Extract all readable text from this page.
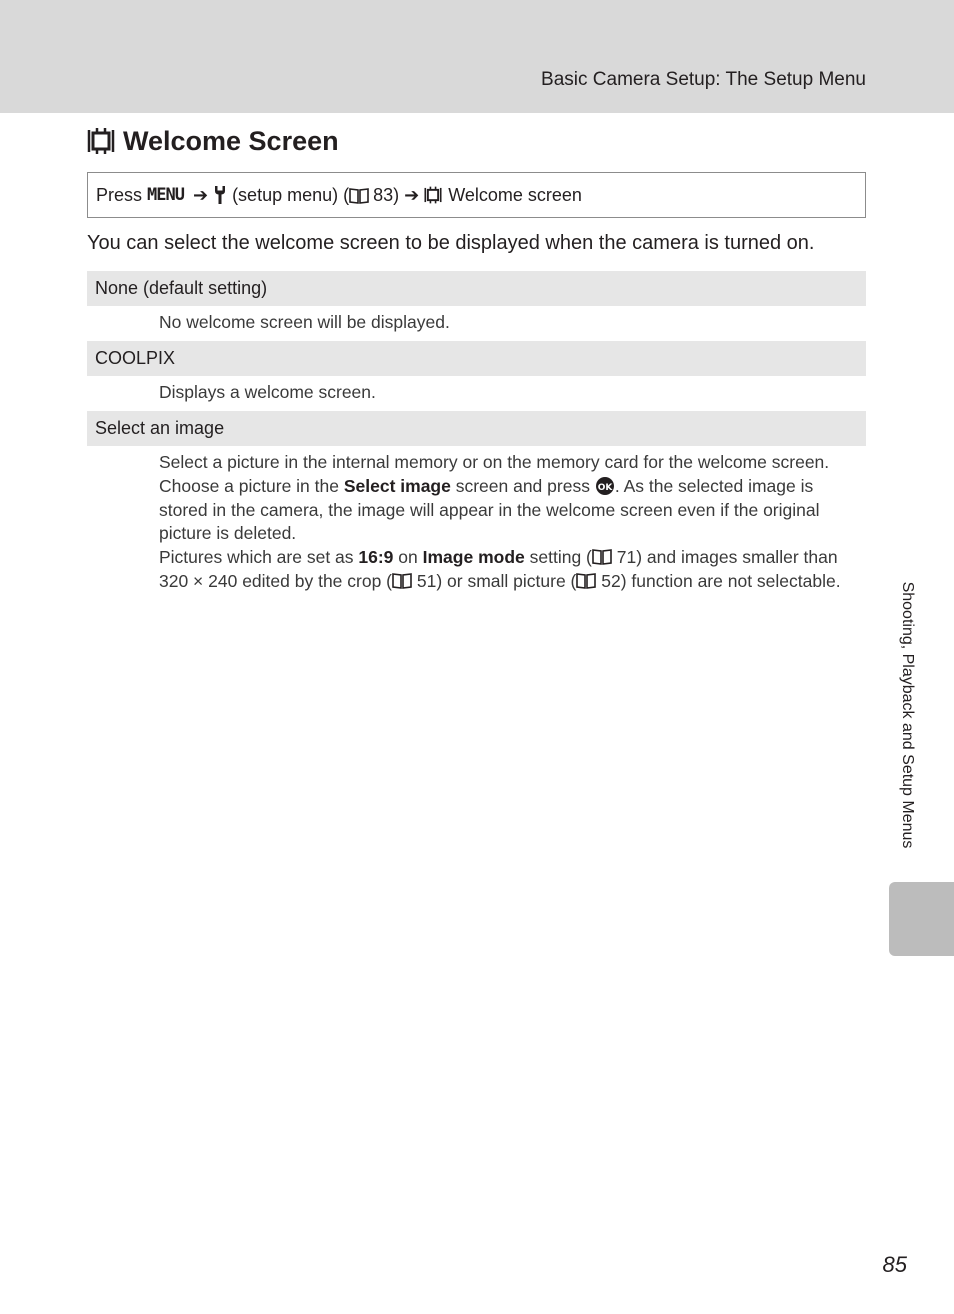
Basic Camera Setup: The Setup Menu
Welcome Screen
Press MENU ➔ (setup menu) ( 83) ➔ Welcome screen

You can select the welcome screen to be displayed when the camera is turned on.

None (default setting)

No welcome screen will be displayed.

COOLPIX

Displays a welcome screen.

Select an image
Select a picture in the internal memory or on the memory card for the welcome screen. Choose a picture in the Select image screen and press OK . As the selected image is stored in the camera, the image will appear in the welcome screen even if the original picture is deleted.
Pictures which are set as 16:9 on Image mode setting ( 71) and images smaller than 320 × 240 edited by the crop ( 51) or small picture ( 52) function are not selectable.
Shooting, Playback and Setup Menus
85
